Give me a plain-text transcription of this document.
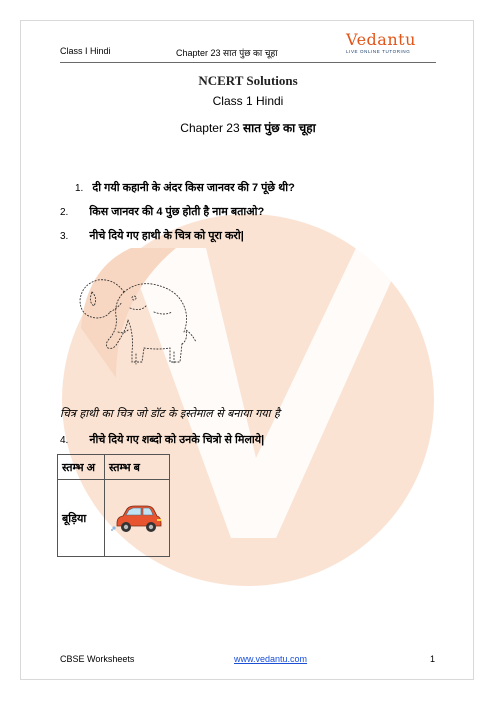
Class I Hindi	Chapter 23 सात पुंछ का चूहा
Vedantu
LIVE ONLINE TUTORING
NCERT Solutions
Class 1 Hindi
Chapter 23 सात पुंछ का चूहा
1. दी गयी कहानी के अंदर किस जानवर की 7 पूंछे थी?
2. किस जानवर की 4 पुंछ होती है नाम बताओ?
3. नीचे दिये गए हाथी के चित्र को पूरा करो|
चित्र हाथी का चित्र जो डॉट के इस्तेमाल से बनाया गया है
4. नीचे दिये गए शब्दो को उनके चित्रो से मिलाये|
स्तम्भ अ	स्तम्भ ब
बूड़िया	
CBSE Worksheets	www.vedantu.com	1
